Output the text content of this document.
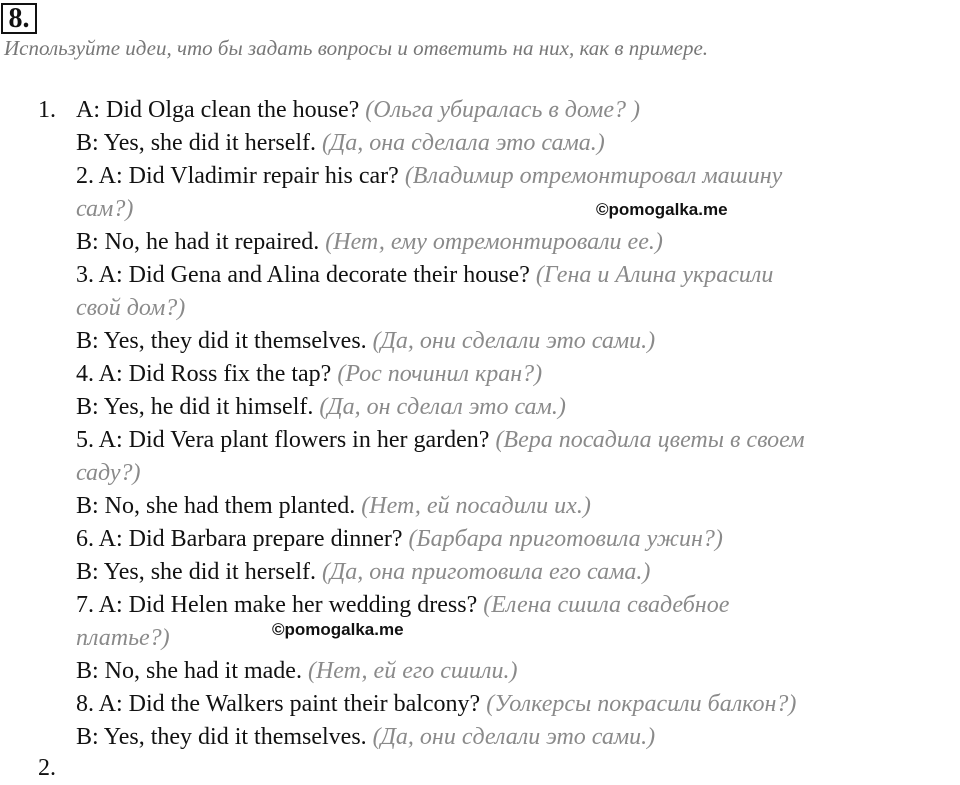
8.
Используйте идеи, что бы задать вопросы и ответить на них, как в примере.
1.
2.
A: Did Olga clean the house? (Ольга убиралась в доме? )
B: Yes, she did it herself. (Да, она сделала это сама.)
2. A: Did Vladimir repair his car? (Владимир отремонтировал машину
сам?)
B: No, he had it repaired. (Нет, ему отремонтировали ее.)
3. A: Did Gena and Alina decorate their house? (Гена и Алина украсили
свой дом?)
B: Yes, they did it themselves. (Да, они сделали это сами.)
4. A: Did Ross fix the tap? (Рос починил кран?)
B: Yes, he did it himself. (Да, он сделал это сам.)
5. A: Did Vera plant flowers in her garden? (Вера посадила цветы в своем
саду?)
B: No, she had them planted. (Нет, ей посадили их.)
6. A: Did Barbara prepare dinner? (Барбара приготовила ужин?)
B: Yes, she did it herself. (Да, она приготовила его сама.)
7. A: Did Helen make her wedding dress? (Елена сшила свадебное
платье?)
B: No, she had it made. (Нет, ей его сшили.)
8. A: Did the Walkers paint their balcony? (Уолкерсы покрасили балкон?)
B: Yes, they did it themselves. (Да, они сделали это сами.)
©pomogalka.me
©pomogalka.me
